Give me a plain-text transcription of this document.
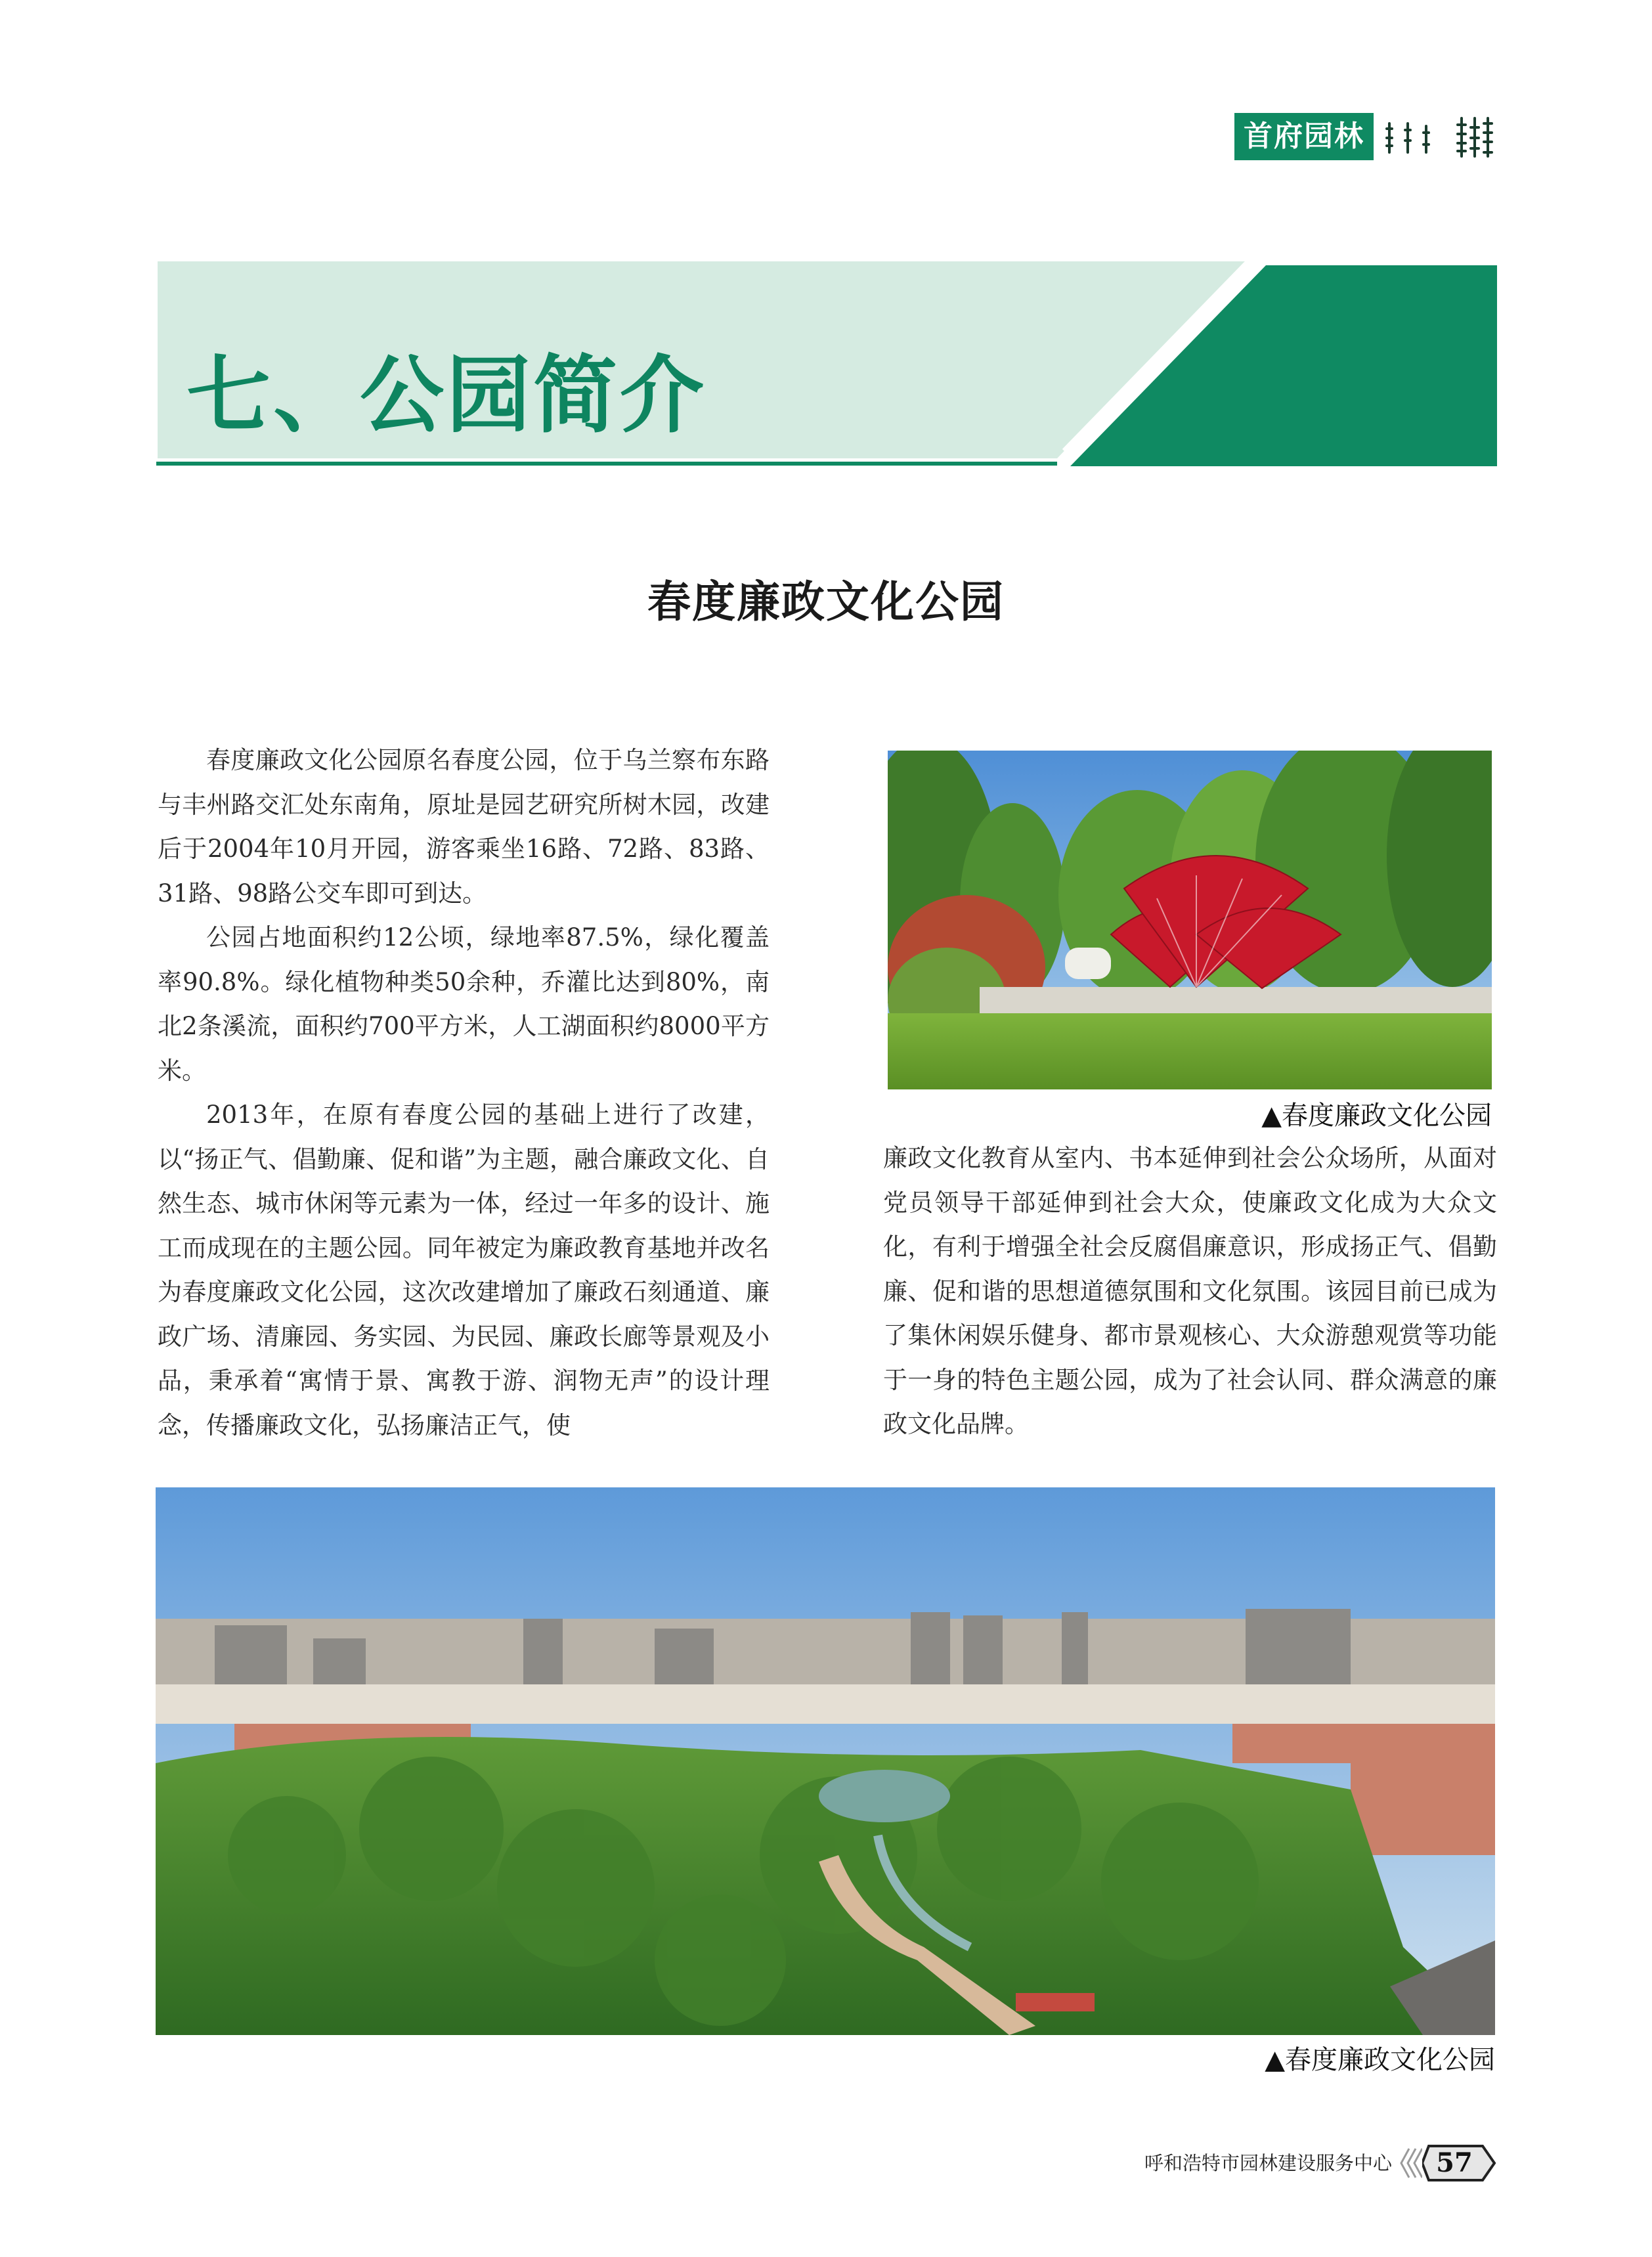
首府园林
七、公园简介
春度廉政文化公园

春度廉政文化公园原名春度公园，位于乌兰察布东路与丰州路交汇处东南角，原址是园艺研究所树木园，改建后于2004年10月开园，游客乘坐16路、72路、83路、31路、98路公交车即可到达。

公园占地面积约12公顷，绿地率87.5%，绿化覆盖率90.8%。绿化植物种类50余种，乔灌比达到80%，南北2条溪流，面积约700平方米，人工湖面积约8000平方米。

2013年，在原有春度公园的基础上进行了改建，以“扬正气、倡勤廉、促和谐”为主题，融合廉政文化、自然生态、城市休闲等元素为一体，经过一年多的设计、施工而成现在的主题公园。同年被定为廉政教育基地并改名为春度廉政文化公园，这次改建增加了廉政石刻通道、廉政广场、清廉园、务实园、为民园、廉政长廊等景观及小品，秉承着“寓情于景、寓教于游、润物无声”的设计理念，传播廉政文化，弘扬廉洁正气，使

▲春度廉政文化公园

廉政文化教育从室内、书本延伸到社会公众场所，从面对党员领导干部延伸到社会大众，使廉政文化成为大众文化，有利于增强全社会反腐倡廉意识，形成扬正气、倡勤廉、促和谐的思想道德氛围和文化氛围。该园目前已成为了集休闲娱乐健身、都市景观核心、大众游憩观赏等功能于一身的特色主题公园，成为了社会认同、群众满意的廉政文化品牌。

▲春度廉政文化公园
呼和浩特市园林建设服务中心 57
